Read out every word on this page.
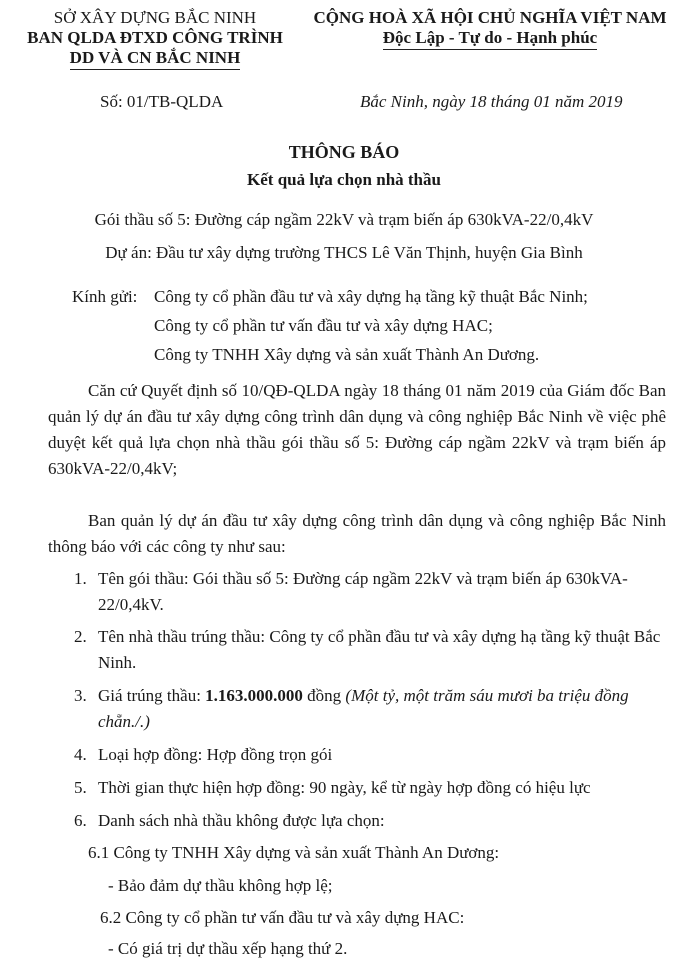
SỞ XÂY DỰNG BẮC NINH
BAN QLDA ĐTXD CÔNG TRÌNH
DD VÀ CN BẮC NINH
CỘNG HOÀ XÃ HỘI CHỦ NGHĨA VIỆT NAM
Độc Lập - Tự do - Hạnh phúc
Số: 01/TB-QLDA	Bắc Ninh, ngày 18 tháng 01 năm 2019
THÔNG BÁO
Kết quả lựa chọn nhà thầu
Gói thầu số 5: Đường cáp ngầm 22kV và trạm biến áp 630kVA-22/0,4kV
Dự án: Đầu tư xây dựng trường THCS Lê Văn Thịnh, huyện Gia Bình
Kính gửi: Công ty cổ phần đầu tư và xây dựng hạ tầng kỹ thuật Bắc Ninh;
Công ty cổ phần tư vấn đầu tư và xây dựng HAC;
Công ty TNHH Xây dựng và sản xuất Thành An Dương.
Căn cứ Quyết định số 10/QĐ-QLDA ngày 18 tháng 01 năm 2019 của Giám đốc Ban quản lý dự án đầu tư xây dựng công trình dân dụng và công nghiệp Bắc Ninh về việc phê duyệt kết quả lựa chọn nhà thầu gói thầu số 5: Đường cáp ngầm 22kV và trạm biến áp 630kVA-22/0,4kV;
Ban quản lý dự án đầu tư xây dựng công trình dân dụng và công nghiệp Bắc Ninh thông báo với các công ty như sau:
1. Tên gói thầu: Gói thầu số 5: Đường cáp ngầm 22kV và trạm biến áp 630kVA-22/0,4kV.
2. Tên nhà thầu trúng thầu: Công ty cổ phần đầu tư và xây dựng hạ tầng kỹ thuật Bắc Ninh.
3. Giá trúng thầu: 1.163.000.000 đồng (Một tỷ, một trăm sáu mươi ba triệu đồng chẵn./.)
4. Loại hợp đồng: Hợp đồng trọn gói
5. Thời gian thực hiện hợp đồng: 90 ngày, kể từ ngày hợp đồng có hiệu lực
6. Danh sách nhà thầu không được lựa chọn:
6.1 Công ty TNHH Xây dựng và sản xuất Thành An Dương:
- Bảo đảm dự thầu không hợp lệ;
6.2 Công ty cổ phần tư vấn đầu tư và xây dựng HAC:
- Có giá trị dự thầu xếp hạng thứ 2.
